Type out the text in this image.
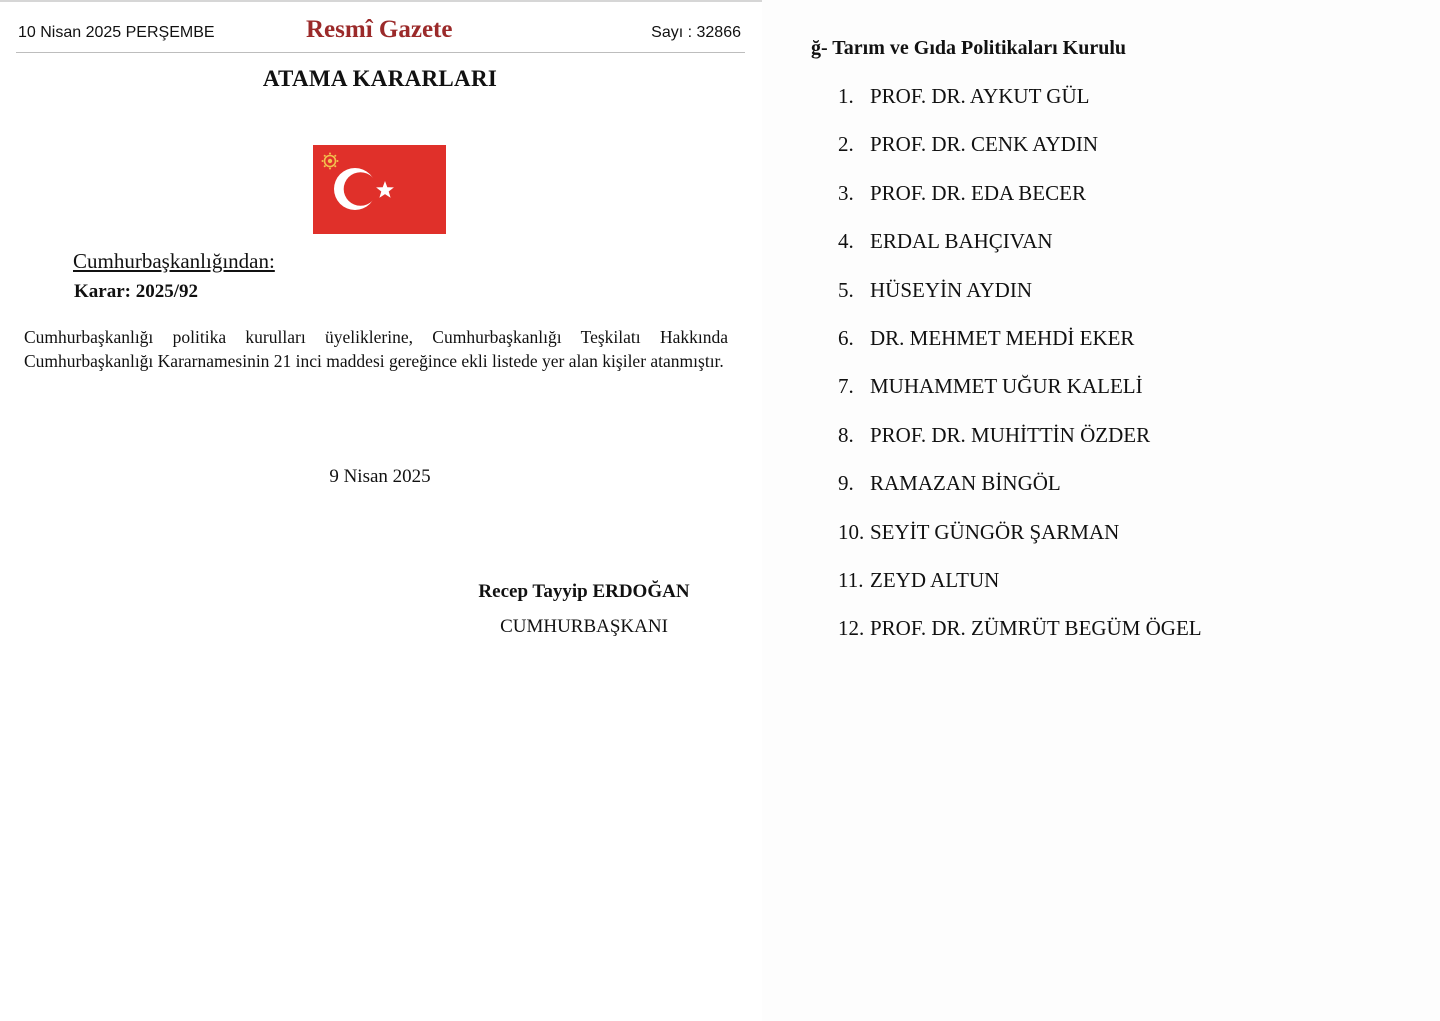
10 Nisan 2025 PERŞEMBE	Resmî Gazete	Sayı : 32866
ATAMA KARARLARI
Cumhurbaşkanlığından:
Karar: 2025/92
Cumhurbaşkanlığı politika kurulları üyeliklerine, Cumhurbaşkanlığı Teşkilatı Hakkında Cumhurbaşkanlığı Kararnamesinin 21 inci maddesi gereğince ekli listede yer alan kişiler atanmıştır.
9 Nisan 2025
Recep Tayyip ERDOĞAN
CUMHURBAŞKANI
ğ- Tarım ve Gıda Politikaları Kurulu
1. PROF. DR. AYKUT GÜL
2. PROF. DR. CENK AYDIN
3. PROF. DR. EDA BECER
4. ERDAL BAHÇIVAN
5. HÜSEYİN AYDIN
6. DR. MEHMET MEHDİ EKER
7. MUHAMMET UĞUR KALELİ
8. PROF. DR. MUHİTTİN ÖZDER
9. RAMAZAN BİNGÖL
10. SEYİT GÜNGÖR ŞARMAN
11. ZEYD ALTUN
12. PROF. DR. ZÜMRÜT BEGÜM ÖGEL
